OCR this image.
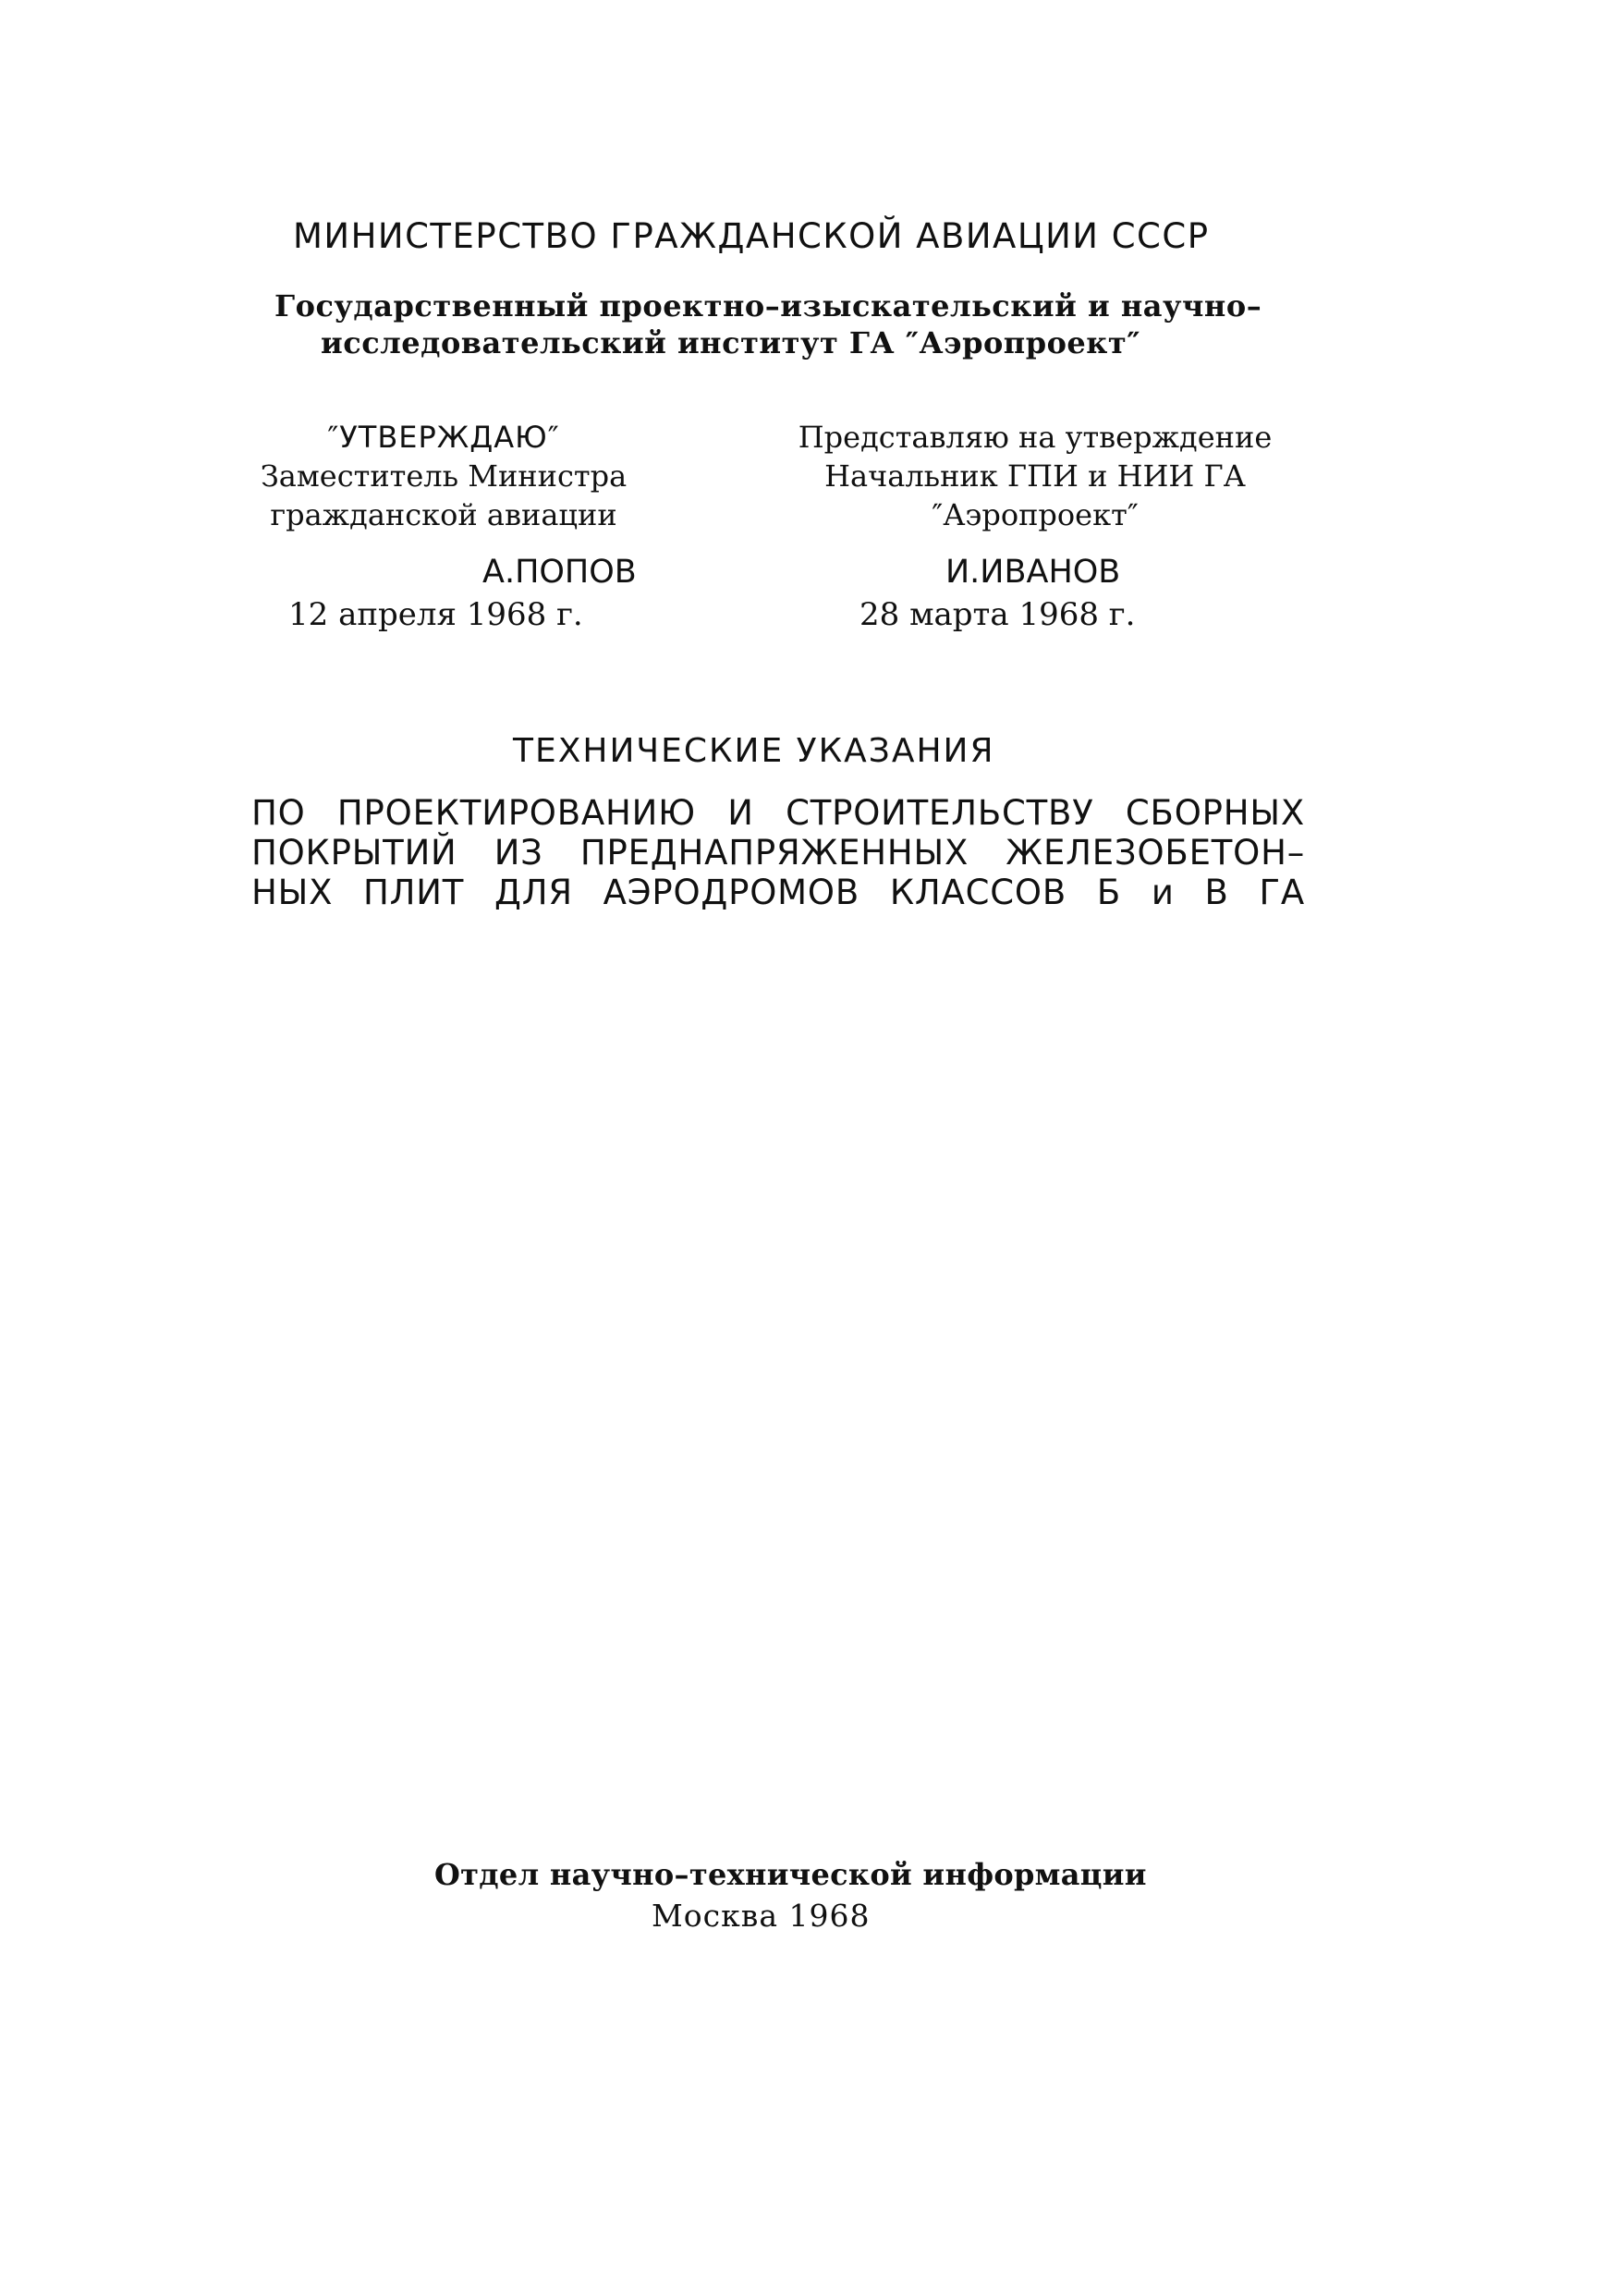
МИНИСТЕРСТВО ГРАЖДАНСКОЙ АВИАЦИИ СССР
Государственный проектно–изыскательский и научно–
исследовательский институт ГА ″Аэропроект″
″УТВЕРЖДАЮ″
Заместитель Министра
гражданской авиации
Представляю на утверждение
Начальник ГПИ и НИИ ГА
″Аэропроект″
А.ПОПОВ	И.ИВАНОВ
12 апреля 1968 г.	28 марта 1968 г.
ТЕХНИЧЕСКИЕ УКАЗАНИЯ
ПО ПРОЕКТИРОВАНИЮ И СТРОИТЕЛЬСТВУ СБОРНЫХ
ПОКРЫТИЙ ИЗ ПРЕДНАПРЯЖЕННЫХ ЖЕЛЕЗОБЕТОН–
НЫХ ПЛИТ ДЛЯ АЭРОДРОМОВ КЛАССОВ Б и В ГА
Отдел научно–технической информации
Москва 1968
